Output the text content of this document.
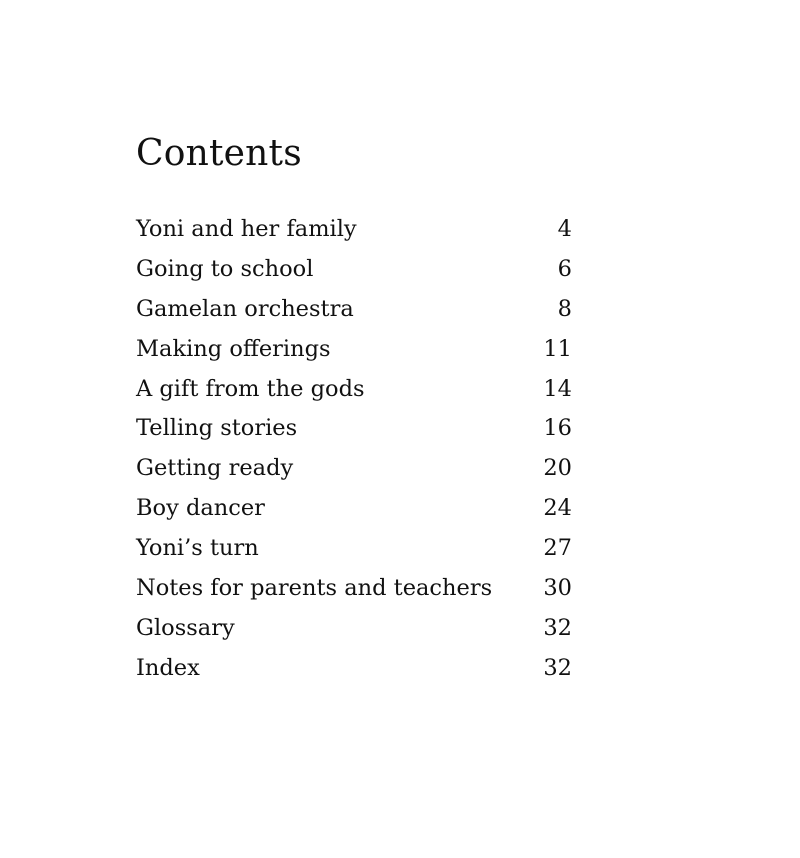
Contents
Yoni and her family	4
Going to school	6
Gamelan orchestra	8
Making offerings	11
A gift from the gods	14
Telling stories	16
Getting ready	20
Boy dancer	24
Yoni’s turn	27
Notes for parents and teachers	30
Glossary	32
Index	32
